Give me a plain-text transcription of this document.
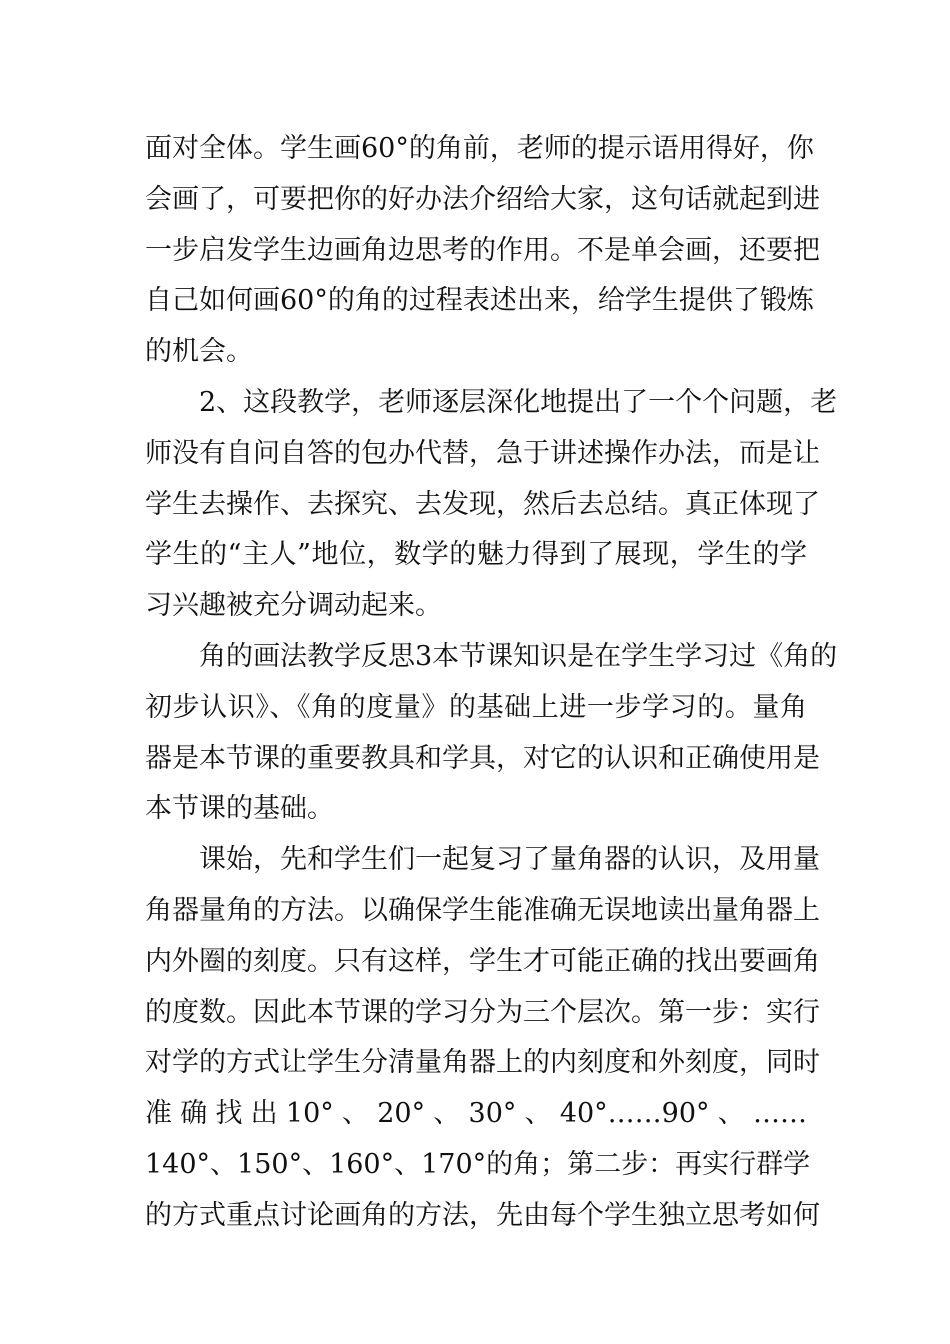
面对全体。学生画60°的角前，老师的提示语用得好，你
会画了，可要把你的好办法介绍给大家，这句话就起到进
一步启发学生边画角边思考的作用。不是单会画，还要把
自己如何画60°的角的过程表述出来，给学生提供了锻炼
的机会。
　　2、这段教学，老师逐层深化地提出了一个个问题，老
师没有自问自答的包办代替，急于讲述操作办法，而是让
学生去操作、去探究、去发现，然后去总结。真正体现了
学生的“主人”地位，数学的魅力得到了展现，学生的学
习兴趣被充分调动起来。
　　角的画法教学反思3本节课知识是在学生学习过《角的
初步认识》、《角的度量》的基础上进一步学习的。量角
器是本节课的重要教具和学具，对它的认识和正确使用是
本节课的基础。
　　课始，先和学生们一起复习了量角器的认识，及用量
角器量角的方法。以确保学生能准确无误地读出量角器上
内外圈的刻度。只有这样，学生才可能正确的找出要画角
的度数。因此本节课的学习分为三个层次。第一步：实行
对学的方式让学生分清量角器上的内刻度和外刻度，同时
准确找出10°、20°、30°、40°……90°、……
140°、150°、160°、170°的角；第二步：再实行群学
的方式重点讨论画角的方法，先由每个学生独立思考如何
